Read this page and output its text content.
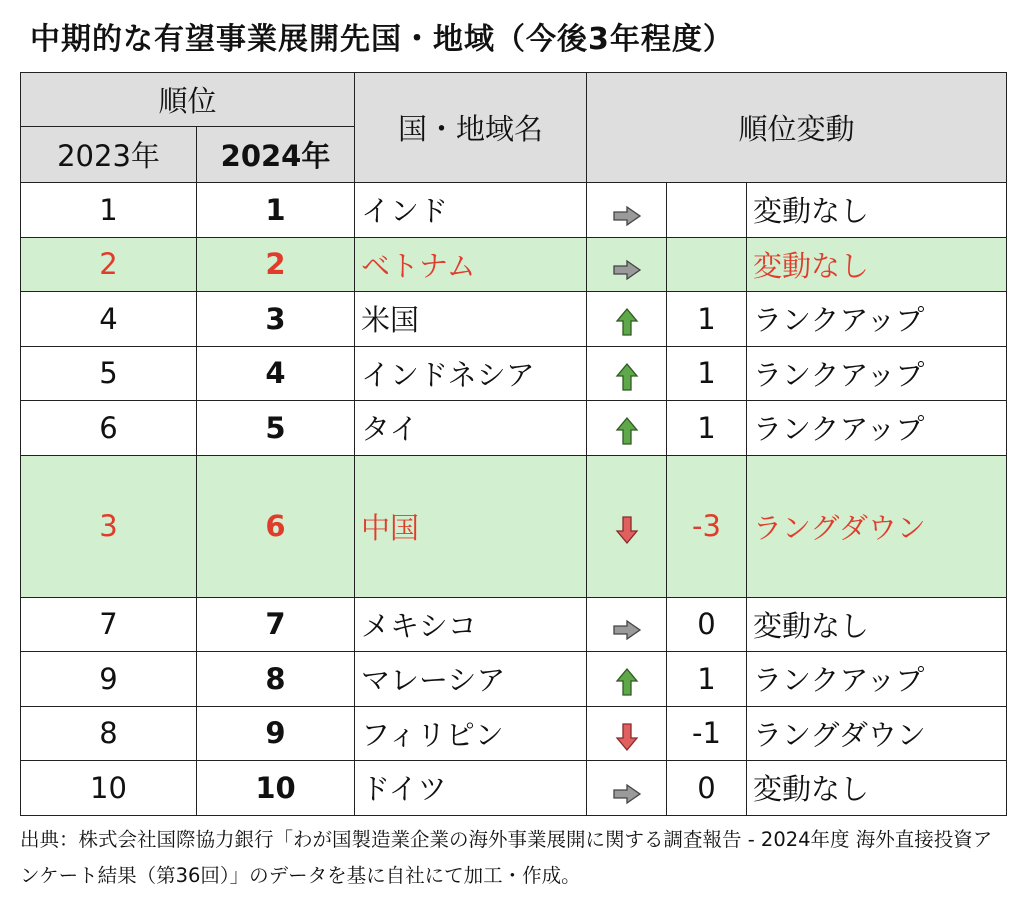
中期的な有望事業展開先国・地域（今後3年程度）
順位		国・地域名	順位変動		
2023年	2024年				
1	1	インド			変動なし
2	2	ベトナム			変動なし
4	3	米国		1	ランクアップ
5	4	インドネシア		1	ランクアップ
6	5	タイ		1	ランクアップ
3	6	中国		-3	ラングダウン
7	7	メキシコ		0	変動なし
9	8	マレーシア		1	ランクアップ
8	9	フィリピン		-1	ラングダウン
10	10	ドイツ		0	変動なし

出典：株式会社国際協力銀行「わが国製造業企業の海外事業展開に関する調査報告 - 2024年度 海外直接投資アンケート結果（第36回）」のデータを基に自社にて加工・作成。
